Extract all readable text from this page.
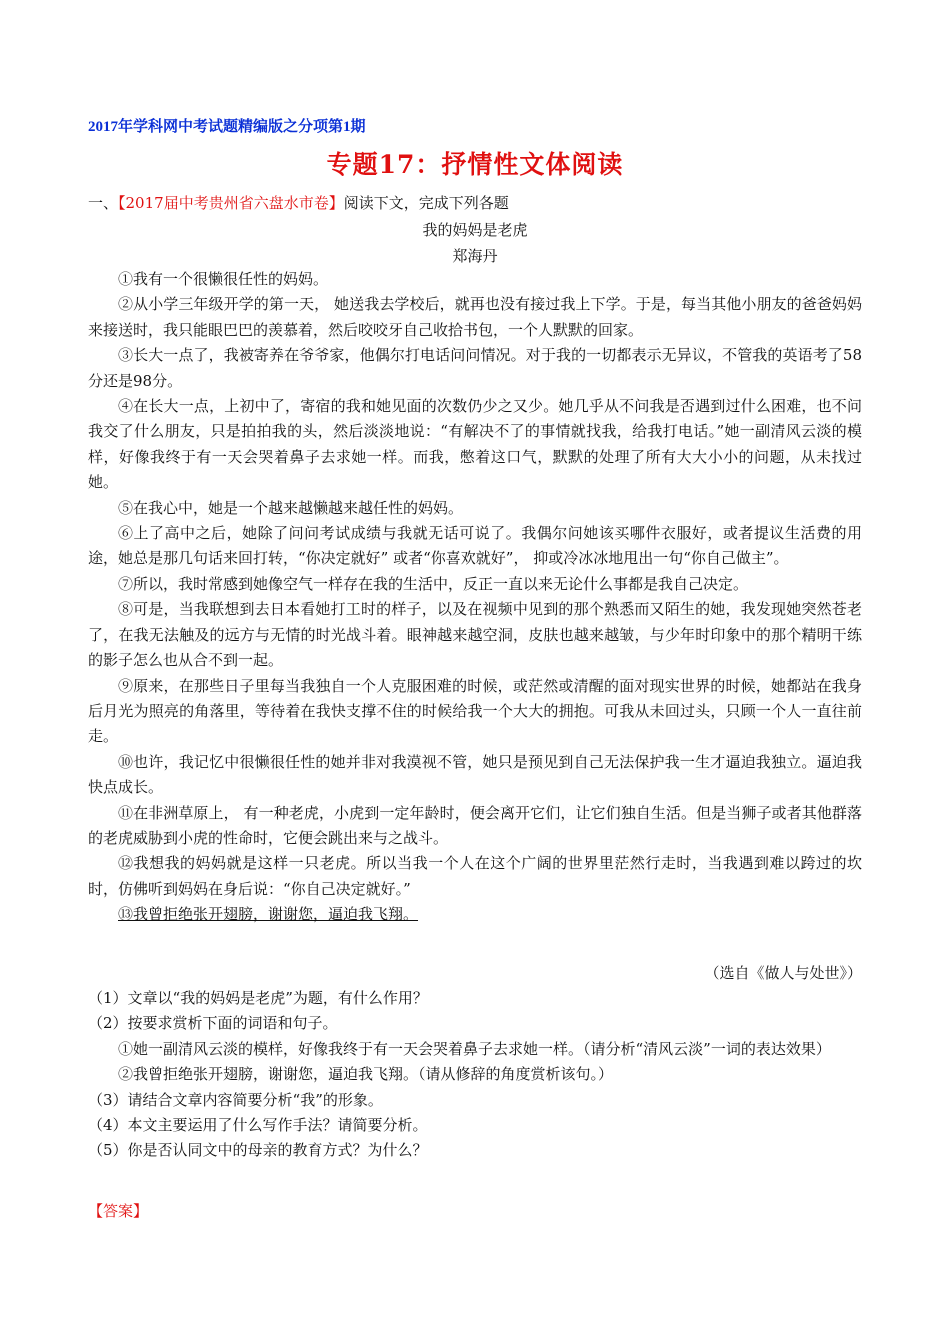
2017年学科网中考试题精编版之分项第1期
专题17：抒情性文体阅读
一、【2017届中考贵州省六盘水市卷】阅读下文，完成下列各题
我的妈妈是老虎
郑海丹

①我有一个很懒很任性的妈妈。

②从小学三年级开学的第一天， 她送我去学校后，就再也没有接过我上下学。于是，每当其他小朋友的爸爸妈妈来接送时，我只能眼巴巴的羡慕着，然后咬咬牙自己收拾书包，一个人默默的回家。

③长大一点了，我被寄养在爷爷家，他偶尔打电话问问情况。对于我的一切都表示无异议，不管我的英语考了58分还是98分。

④在长大一点，上初中了，寄宿的我和她见面的次数仍少之又少。她几乎从不问我是否遇到过什么困难，也不问我交了什么朋友，只是拍拍我的头，然后淡淡地说：“有解决不了的事情就找我，给我打电话。”她一副清风云淡的模样，好像我终于有一天会哭着鼻子去求她一样。而我，憋着这口气，默默的处理了所有大大小小的问题，从未找过她。

⑤在我心中，她是一个越来越懒越来越任性的妈妈。

⑥上了高中之后，她除了问问考试成绩与我就无话可说了。我偶尔问她该买哪件衣服好，或者提议生活费的用途，她总是那几句话来回打转，“你决定就好” 或者“你喜欢就好”， 抑或冷冰冰地甩出一句“你自己做主”。

⑦所以，我时常感到她像空气一样存在我的生活中，反正一直以来无论什么事都是我自己决定。

⑧可是，当我联想到去日本看她打工时的样子，以及在视频中见到的那个熟悉而又陌生的她，我发现她突然苍老了，在我无法触及的远方与无情的时光战斗着。眼神越来越空洞，皮肤也越来越皱，与少年时印象中的那个精明干练的影子怎么也从合不到一起。

⑨原来，在那些日子里每当我独自一个人克服困难的时候，或茫然或清醒的面对现实世界的时候，她都站在我身后月光为照亮的角落里，等待着在我快支撑不住的时候给我一个大大的拥抱。可我从未回过头，只顾一个人一直往前走。

⑩也许，我记忆中很懒很任性的她并非对我漠视不管，她只是预见到自己无法保护我一生才逼迫我独立。逼迫我快点成长。

⑪在非洲草原上， 有一种老虎，小虎到一定年龄时，便会离开它们，让它们独自生活。但是当狮子或者其他群落的老虎威胁到小虎的性命时，它便会跳出来与之战斗。

⑫我想我的妈妈就是这样一只老虎。所以当我一个人在这个广阔的世界里茫然行走时，当我遇到难以跨过的坎时，仿佛听到妈妈在身后说：“你自己决定就好。”

⑬我曾拒绝张开翅膀，谢谢您，逼迫我飞翔。

（选自《做人与处世》）

（1）文章以“我的妈妈是老虎”为题，有什么作用？

（2）按要求赏析下面的词语和句子。

①她一副清风云淡的模样，好像我终于有一天会哭着鼻子去求她一样。（请分析“清风云淡”一词的表达效果）

②我曾拒绝张开翅膀，谢谢您，逼迫我飞翔。（请从修辞的角度赏析该句。）

（3）请结合文章内容简要分析“我”的形象。

（4）本文主要运用了什么写作手法？请简要分析。

（5）你是否认同文中的母亲的教育方式？为什么？

【答案】
